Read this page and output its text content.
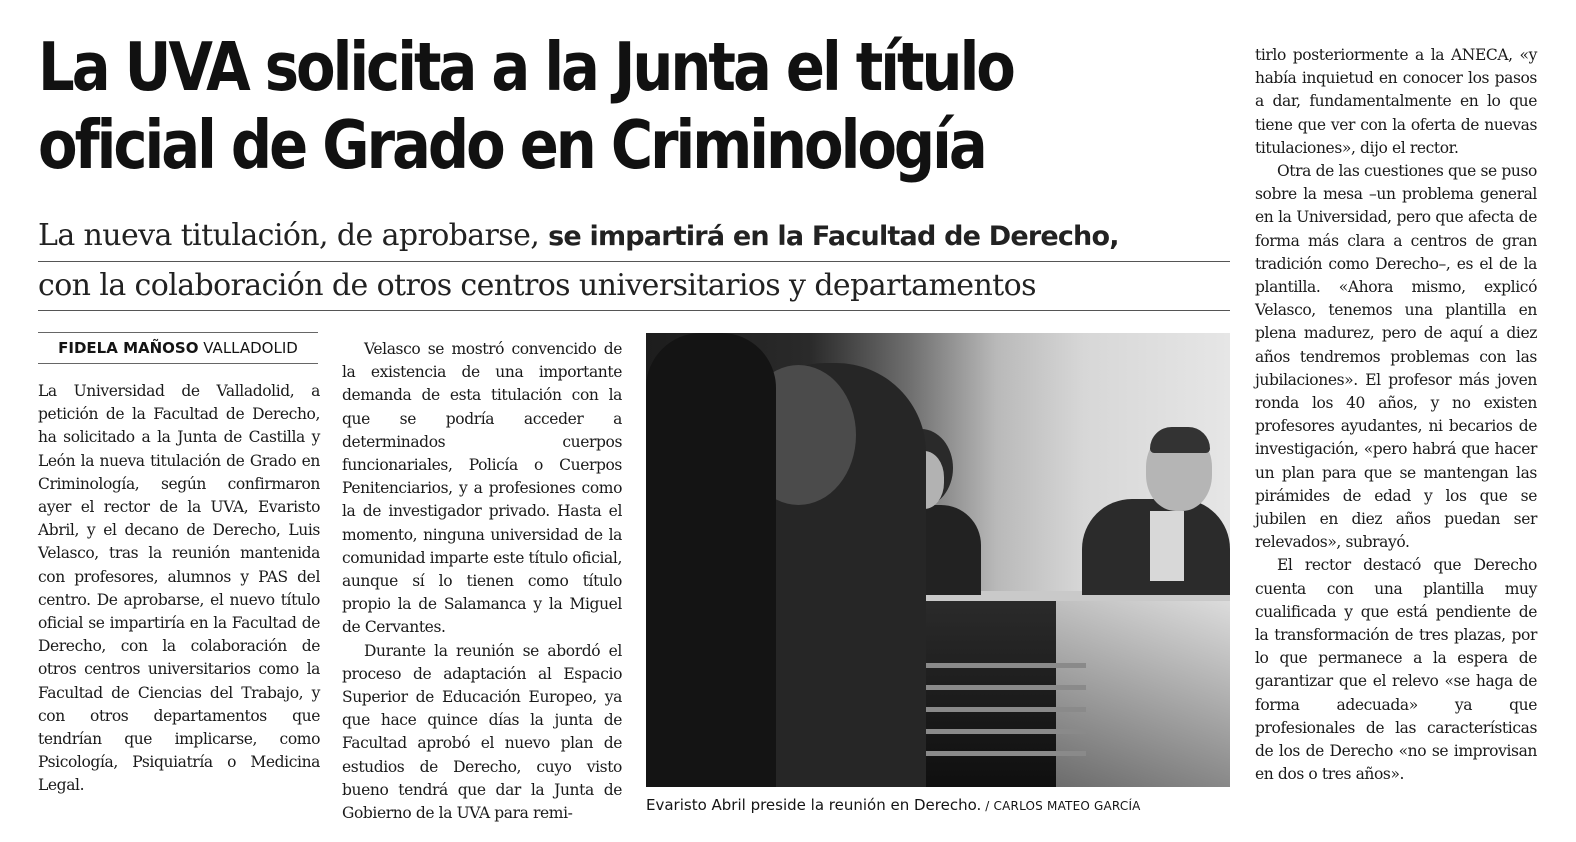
La UVA solicita a la Junta el título
oficial de Grado en Criminología
La nueva titulación, de aprobarse, se impartirá en la Facultad de Derecho,
con la colaboración de otros centros universitarios y departamentos
FIDELA MAÑOSO VALLADOLID

La Universidad de Valladolid, a petición de la Facultad de Derecho, ha solicitado a la Junta de Castilla y León la nueva titulación de Grado en Criminología, según confirmaron ayer el rector de la UVA, Evaristo Abril, y el decano de Derecho, Luis Velasco, tras la reunión mantenida con profesores, alumnos y PAS del centro. De aprobarse, el nuevo título oficial se impartiría en la Facultad de Derecho, con la colaboración de otros centros universitarios como la Facultad de Ciencias del Trabajo, y con otros departamentos que tendrían que implicarse, como Psicología, Psiquiatría o Medicina Legal.

Velasco se mostró convencido de la existencia de una importante demanda de esta titulación con la que se podría acceder a determinados cuerpos funcionariales, Policía o Cuerpos Penitenciarios, y a profesiones como la de investigador privado. Hasta el momento, ninguna universidad de la comunidad imparte este título oficial, aunque sí lo tienen como título propio la de Salamanca y la Miguel de Cervantes.

Durante la reunión se abordó el proceso de adaptación al Espacio Superior de Educación Europeo, ya que hace quince días la junta de Facultad aprobó el nuevo plan de estudios de Derecho, cuyo visto bueno tendrá que dar la Junta de Gobierno de la UVA para remi-	Evaristo Abril preside la reunión en Derecho. / CARLOS MATEO GARCÍA

tirlo posteriormente a la ANECA, «y había inquietud en conocer los pasos a dar, fundamentalmente en lo que tiene que ver con la oferta de nuevas titulaciones», dijo el rector.

Otra de las cuestiones que se puso sobre la mesa –un problema general en la Universidad, pero que afecta de forma más clara a centros de gran tradición como Derecho–, es el de la plantilla. «Ahora mismo, explicó Velasco, tenemos una plantilla en plena madurez, pero de aquí a diez años tendremos problemas con las jubilaciones». El profesor más joven ronda los 40 años, y no existen profesores ayudantes, ni becarios de investigación, «pero habrá que hacer un plan para que se mantengan las pirámides de edad y los que se jubilen en diez años puedan ser relevados», subrayó.

El rector destacó que Derecho cuenta con una plantilla muy cualificada y que está pendiente de la transformación de tres plazas, por lo que permanece a la espera de garantizar que el relevo «se haga de forma adecuada» ya que profesionales de las características de los de Derecho «no se improvisan en dos o tres años».
